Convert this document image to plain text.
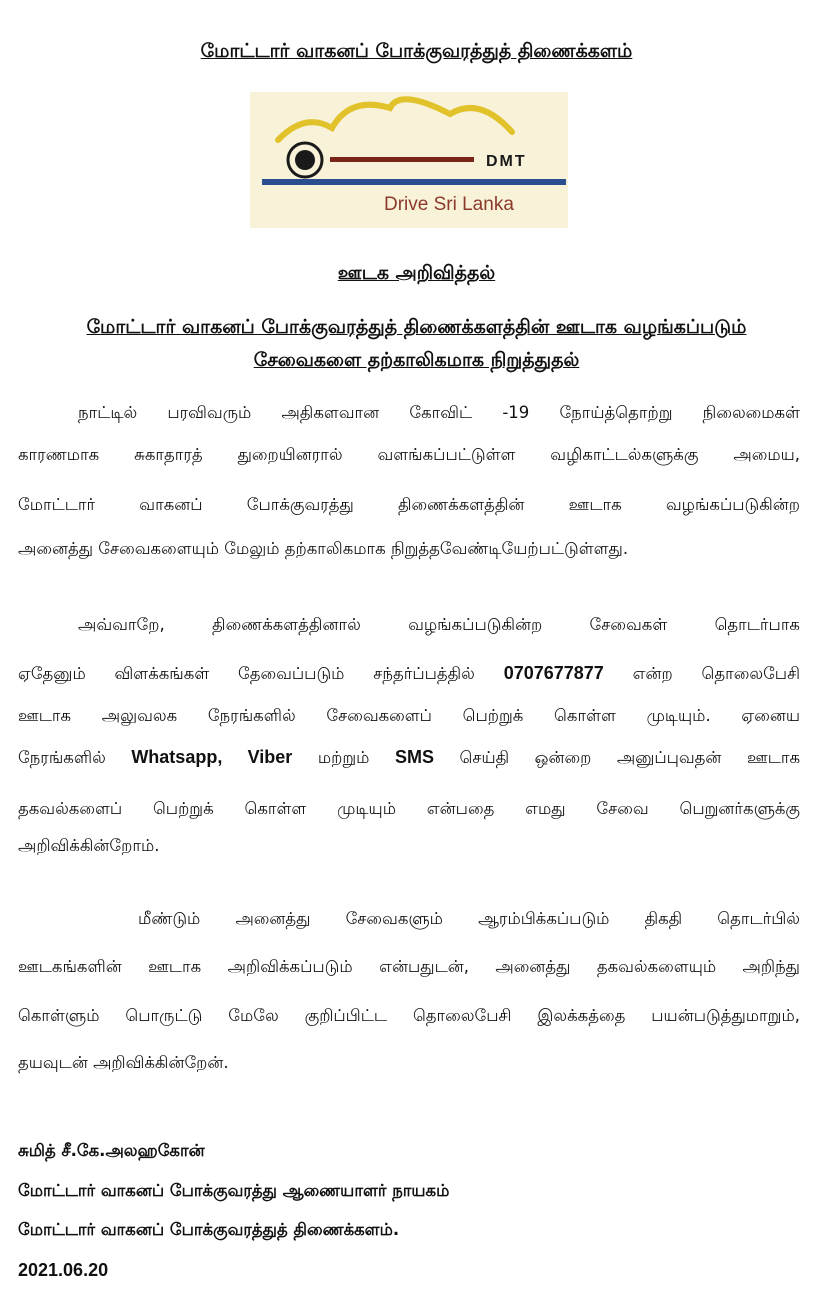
மோட்டார் வாகனப் போக்குவரத்துத் திணைக்களம்
DMT
Drive Sri Lanka
ஊடக அறிவித்தல்
மோட்டார் வாகனப் போக்குவரத்துத் திணைக்களத்தின் ஊடாக வழங்கப்படும்
சேவைகளை தற்காலிகமாக நிறுத்துதல்
நாட்டில் பரவிவரும் அதிகளவான கோவிட் -19 நோய்த்தொற்று நிலைமைகள்
காரணமாக சுகாதாரத் துறையினரால் வளங்கப்பட்டுள்ள வழிகாட்டல்களுக்கு அமைய,
மோட்டார் வாகனப் போக்குவரத்து திணைக்களத்தின் ஊடாக வழங்கப்படுகின்ற
அனைத்து சேவைகளையும் மேலும் தற்காலிகமாக நிறுத்தவேண்டியேற்பட்டுள்ளது.
அவ்வாறே, திணைக்களத்தினால் வழங்கப்படுகின்ற சேவைகள் தொடர்பாக
ஏதேனும் விளக்கங்கள் தேவைப்படும் சந்தர்ப்பத்தில் 0707677877 என்ற தொலைபேசி
ஊடாக அலுவலக நேரங்களில் சேவைகளைப் பெற்றுக் கொள்ள முடியும். ஏனைய
நேரங்களில் Whatsapp, Viber மற்றும் SMS செய்தி ஒன்றை அனுப்புவதன் ஊடாக
தகவல்களைப் பெற்றுக் கொள்ள முடியும் என்பதை எமது சேவை பெறுனர்களுக்கு
அறிவிக்கின்றோம்.
மீண்டும் அனைத்து சேவைகளும் ஆரம்பிக்கப்படும் திகதி தொடர்பில்
ஊடகங்களின் ஊடாக அறிவிக்கப்படும் என்பதுடன், அனைத்து தகவல்களையும் அறிந்து
கொள்ளும் பொருட்டு மேலே குறிப்பிட்ட தொலைபேசி இலக்கத்தை பயன்படுத்துமாறும்,
தயவுடன் அறிவிக்கின்றேன்.
சுமித் சீ.கே.அலஹகோன்
மோட்டார் வாகனப் போக்குவரத்து ஆணையாளர் நாயகம்
மோட்டார் வாகனப் போக்குவரத்துத் திணைக்களம்.
2021.06.20
